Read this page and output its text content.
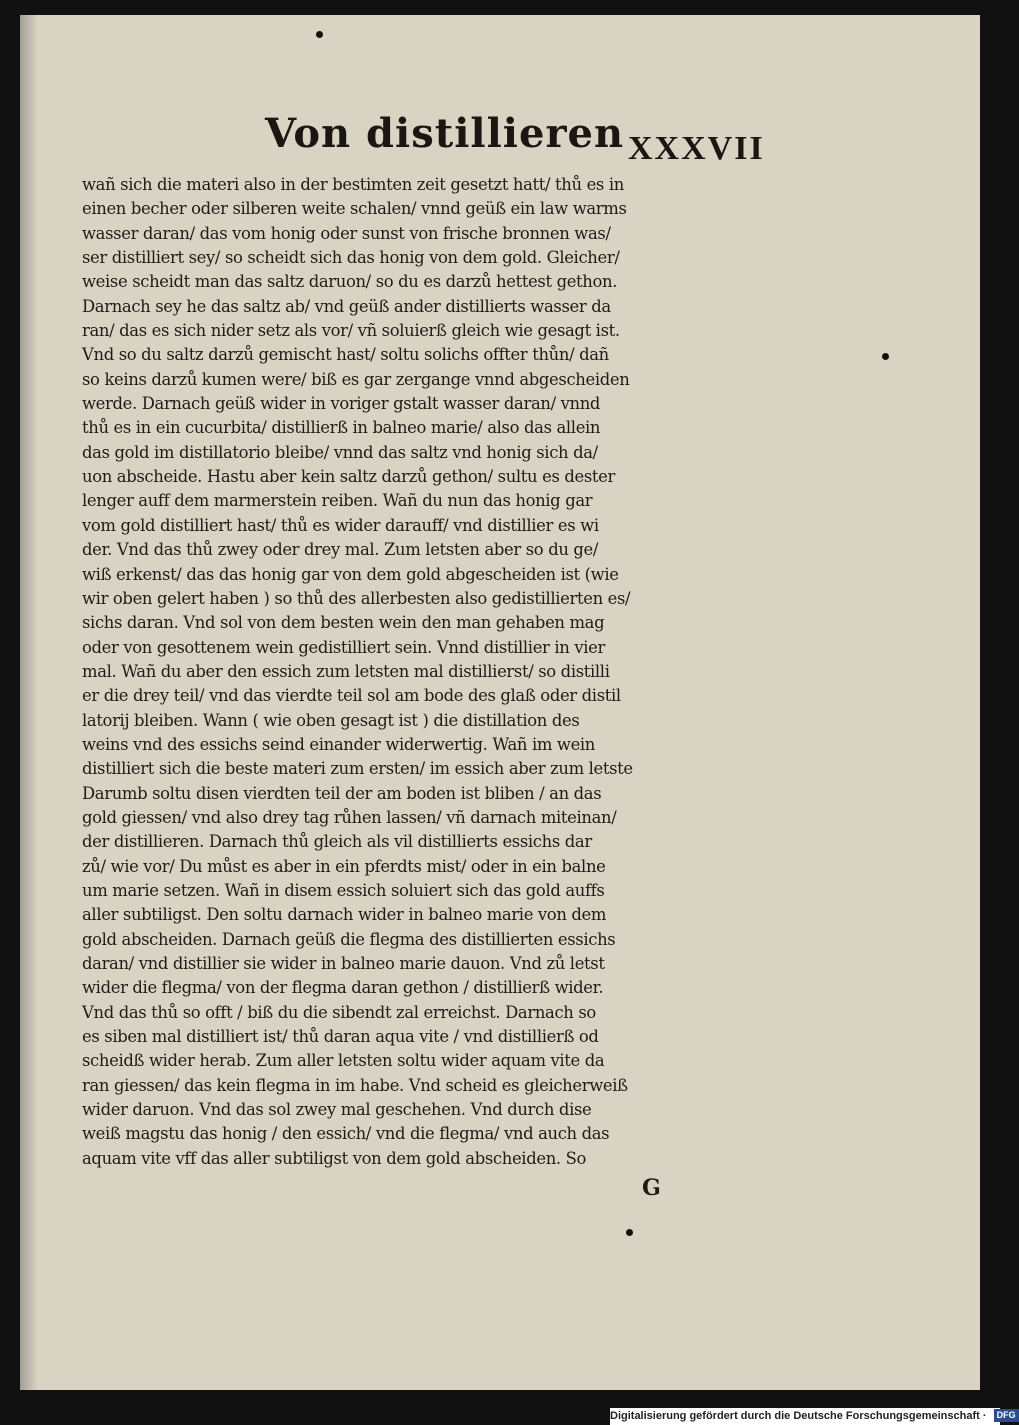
Von distillieren XXXVII
wañ sich die materi also in der bestimten zeit gesetzt hatt/ thů es in
einen becher oder silberen weite schalen/ vnnd geüß ein law warms
wasser daran/ das vom honig oder sunst von frische bronnen was/
ser distilliert sey/ so scheidt sich das honig von dem gold. Gleicher/
weise scheidt man das saltz daruon/ so du es darzů hettest gethon.
Darnach sey he das saltz ab/ vnd geüß ander distillierts wasser da
ran/ das es sich nider setz als vor/ vñ soluierß gleich wie gesagt ist.
Vnd so du saltz darzů gemischt hast/ soltu solichs offter thůn/ dañ
so keins darzů kumen were/ biß es gar zergange vnnd abgescheiden
werde. Darnach geüß wider in voriger gstalt wasser daran/ vnnd
thů es in ein cucurbita/ distillierß in balneo marie/ also das allein
das gold im distillatorio bleibe/ vnnd das saltz vnd honig sich da/
uon abscheide. Hastu aber kein saltz darzů gethon/ sultu es dester
lenger auff dem marmerstein reiben. Wañ du nun das honig gar
vom gold distilliert hast/ thů es wider darauff/ vnd distillier es wi
der. Vnd das thů zwey oder drey mal. Zum letsten aber so du ge/
wiß erkenst/ das das honig gar von dem gold abgescheiden ist (wie
wir oben gelert haben ) so thů des allerbesten also gedistillierten es/
sichs daran. Vnd sol von dem besten wein den man gehaben mag
oder von gesottenem wein gedistilliert sein. Vnnd distillier in vier
mal. Wañ du aber den essich zum letsten mal distillierst/ so distilli
er die drey teil/ vnd das vierdte teil sol am bode des glaß oder distil
latorij bleiben. Wann ( wie oben gesagt ist ) die distillation des
weins vnd des essichs seind einander widerwertig. Wañ im wein
distilliert sich die beste materi zum ersten/ im essich aber zum letste
Darumb soltu disen vierdten teil der am boden ist bliben / an das
gold giessen/ vnd also drey tag růhen lassen/ vñ darnach miteinan/
der distillieren. Darnach thů gleich als vil distillierts essichs dar
zů/ wie vor/ Du můst es aber in ein pferdts mist/ oder in ein balne
um marie setzen. Wañ in disem essich soluiert sich das gold auffs
aller subtiligst. Den soltu darnach wider in balneo marie von dem
gold abscheiden. Darnach geüß die flegma des distillierten essichs
daran/ vnd distillier sie wider in balneo marie dauon. Vnd zů letst
wider die flegma/ von der flegma daran gethon / distillierß wider.
Vnd das thů so offt / biß du die sibendt zal erreichst. Darnach so
es siben mal distilliert ist/ thů daran aqua vite / vnd distillierß od
scheidß wider herab. Zum aller letsten soltu wider aquam vite da
ran giessen/ das kein flegma in im habe. Vnd scheid es gleicherweiß
wider daruon. Vnd das sol zwey mal geschehen. Vnd durch dise
weiß magstu das honig / den essich/ vnd die flegma/ vnd auch das
aquam vite vff das aller subtiligst von dem gold abscheiden. So
G
Digitalisierung gefördert durch die Deutsche Forschungsgemeinschaft · DFG
